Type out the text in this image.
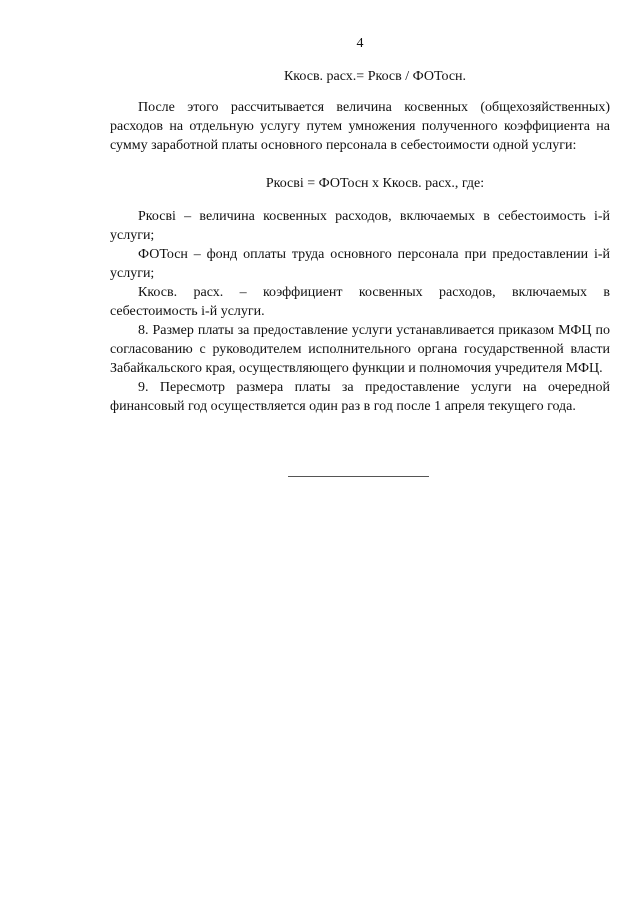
4
Ккосв. расх.= Ркосв / ФОТосн.

После этого рассчитывается величина косвенных (общехозяйственных) расходов на отдельную услугу путем умножения полученного коэффициента на сумму заработной платы основного персонала в себестоимости одной услуги:

Ркосвi = ФОТосн х Ккосв. расх., где:

Ркосвi – величина косвенных расходов, включаемых в себестоимость i-й услуги;

ФОТосн – фонд оплаты труда основного персонала при предоставлении i-й услуги;

Ккосв. расх. – коэффициент косвенных расходов, включаемых в себестоимость i-й услуги.

8. Размер платы за предоставление услуги устанавливается приказом МФЦ по согласованию с руководителем исполнительного органа государственной власти Забайкальского края, осуществляющего функции и полномочия учредителя МФЦ.

9. Пересмотр размера платы за предоставление услуги на очередной финансовый год осуществляется один раз в год после 1 апреля текущего года.
